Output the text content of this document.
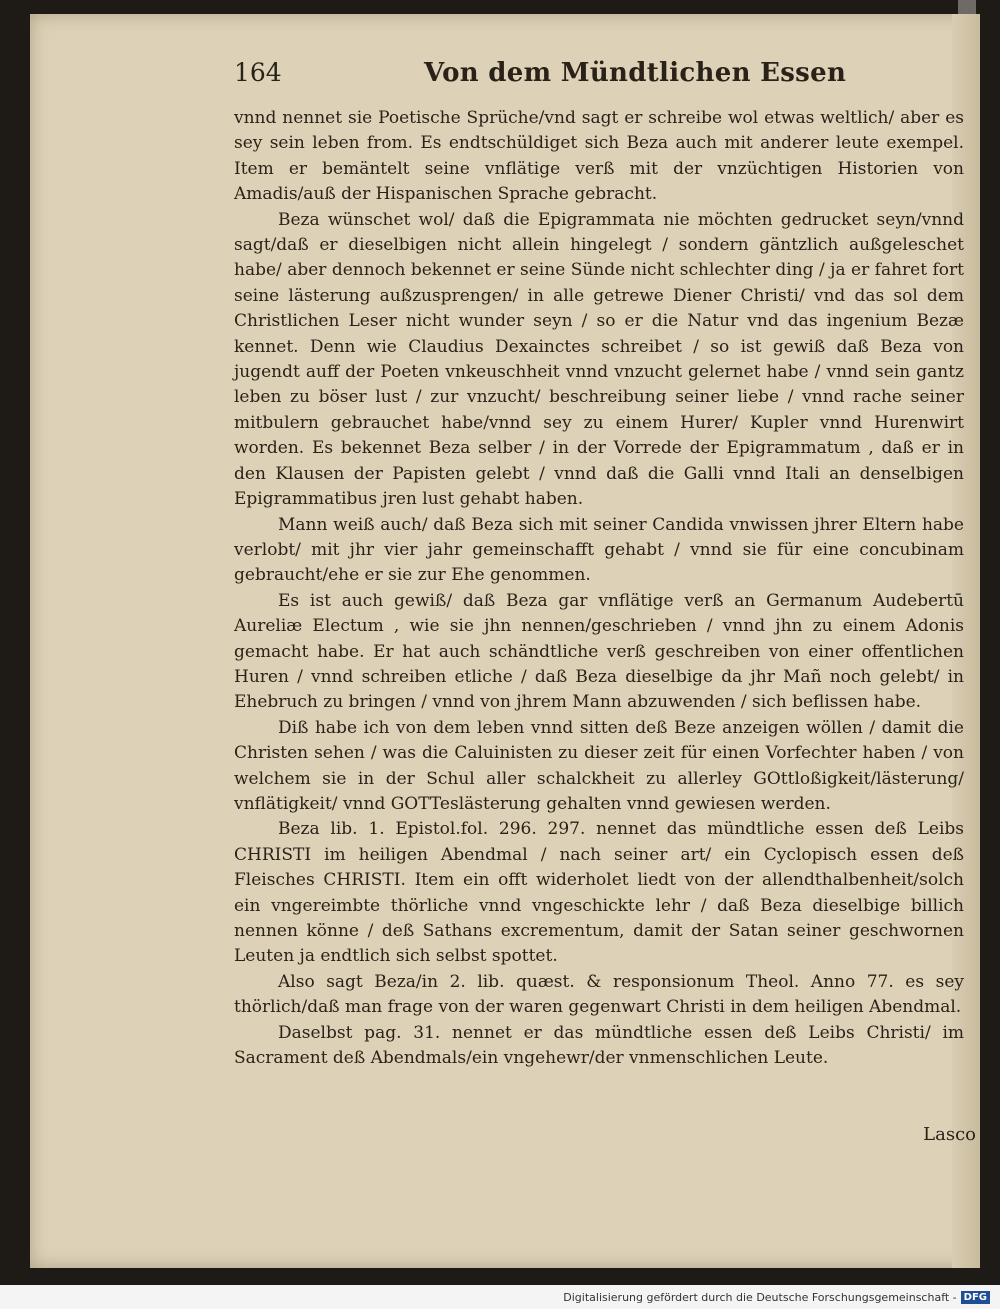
164	Von dem Mündtlichen Essen

vnnd nennet sie Poetische Sprüche/vnd sagt er schreibe wol etwas weltlich/ aber es sey sein leben from. Es endtschüldiget sich Beza auch mit anderer leute exempel. Item er bemäntelt seine vnflätige verß mit der vnzüchtigen Historien von Amadis/auß der Hispanischen Sprache gebracht.

Beza wünschet wol/ daß die Epigrammata nie möchten gedrucket seyn/vnnd sagt/daß er dieselbigen nicht allein hingelegt / sondern gäntzlich außgeleschet habe/ aber dennoch bekennet er seine Sünde nicht schlechter ding / ja er fahret fort seine lästerung außzusprengen/ in alle getrewe Diener Christi/ vnd das sol dem Christlichen Leser nicht wunder seyn / so er die Natur vnd das ingenium Bezæ kennet. Denn wie Claudius Dexainctes schreibet / so ist gewiß daß Beza von jugendt auff der Poeten vnkeuschheit vnnd vnzucht gelernet habe / vnnd sein gantz leben zu böser lust / zur vnzucht/ beschreibung seiner liebe / vnnd rache seiner mitbulern gebrauchet habe/vnnd sey zu einem Hurer/ Kupler vnnd Hurenwirt worden. Es bekennet Beza selber / in der Vorrede der Epigrammatum , daß er in den Klausen der Papisten gelebt / vnnd daß die Galli vnnd Itali an denselbigen Epigrammatibus jren lust gehabt haben.

Mann weiß auch/ daß Beza sich mit seiner Candida vnwissen jhrer Eltern habe verlobt/ mit jhr vier jahr gemeinschafft gehabt / vnnd sie für eine concubinam gebraucht/ehe er sie zur Ehe genommen.

Es ist auch gewiß/ daß Beza gar vnflätige verß an Germanum Audebertū Aureliæ Electum , wie sie jhn nennen/geschrieben / vnnd jhn zu einem Adonis gemacht habe. Er hat auch schändtliche verß geschreiben von einer offentlichen Huren / vnnd schreiben etliche / daß Beza dieselbige da jhr Mañ noch gelebt/ in Ehebruch zu bringen / vnnd von jhrem Mann abzuwenden / sich beflissen habe.

Diß habe ich von dem leben vnnd sitten deß Beze anzeigen wöllen / damit die Christen sehen / was die Caluinisten zu dieser zeit für einen Vorfechter haben / von welchem sie in der Schul aller schalckheit zu allerley GOttloßigkeit/lästerung/ vnflätigkeit/ vnnd GOTTeslästerung gehalten vnnd gewiesen werden.

Beza lib. 1. Epistol.fol. 296. 297. nennet das mündtliche essen deß Leibs CHRISTI im heiligen Abendmal / nach seiner art/ ein Cyclopisch essen deß Fleisches CHRISTI. Item ein offt widerholet liedt von der allendthalbenheit/solch ein vngereimbte thörliche vnnd vngeschickte lehr / daß Beza dieselbige billich nennen könne / deß Sathans excrementum, damit der Satan seiner geschwornen Leuten ja endtlich sich selbst spottet.

Also sagt Beza/in 2. lib. quæst. & responsionum Theol. Anno 77. es sey thörlich/daß man frage von der waren gegenwart Christi in dem heiligen Abendmal.

Daselbst pag. 31. nennet er das mündtliche essen deß Leibs Christi/ im Sacrament deß Abendmals/ein vngehewr/der vnmenschlichen Leute.

Lasco
Digitalisierung gefördert durch die Deutsche Forschungsgemeinschaft - DFG
